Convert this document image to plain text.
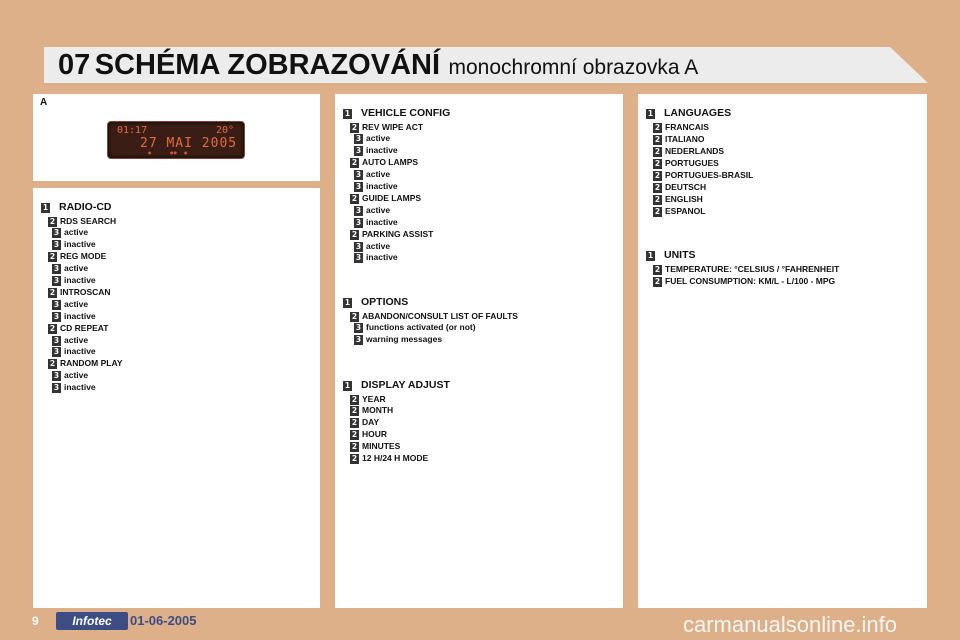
07 SCHÉMA ZOBRAZOVÁNÍ monochromní obrazovka A
A
01:17	20°
27 MAI 2005
●	●● ●
9	Infotec	01-06-2005	carmanualsonline.info
1 RADIO-CD
2 RDS SEARCH
3 active
3 inactive
2 REG MODE
3 active
3 inactive
2 INTROSCAN
3 active
3 inactive
2 CD REPEAT
3 active
3 inactive
2 RANDOM PLAY
3 active
3 inactive
1 VEHICLE CONFIG
2 REV WIPE ACT
3 active
3 inactive
2 AUTO LAMPS
3 active
3 inactive
2 GUIDE LAMPS
3 active
3 inactive
2 PARKING ASSIST
3 active
3 inactive
1 OPTIONS
2 ABANDON/CONSULT LIST OF FAULTS
3 functions activated (or not)
3 warning messages
1 DISPLAY ADJUST
2 YEAR
2 MONTH
2 DAY
2 HOUR
2 MINUTES
2 12 H/24 H MODE
1 LANGUAGES
2 FRANCAIS
2 ITALIANO
2 NEDERLANDS
2 PORTUGUES
2 PORTUGUES-BRASIL
2 DEUTSCH
2 ENGLISH
2 ESPANOL
1 UNITS
2 TEMPERATURE: °CELSIUS / °FAHRENHEIT
2 FUEL CONSUMPTION: KM/L - L/100 - MPG
